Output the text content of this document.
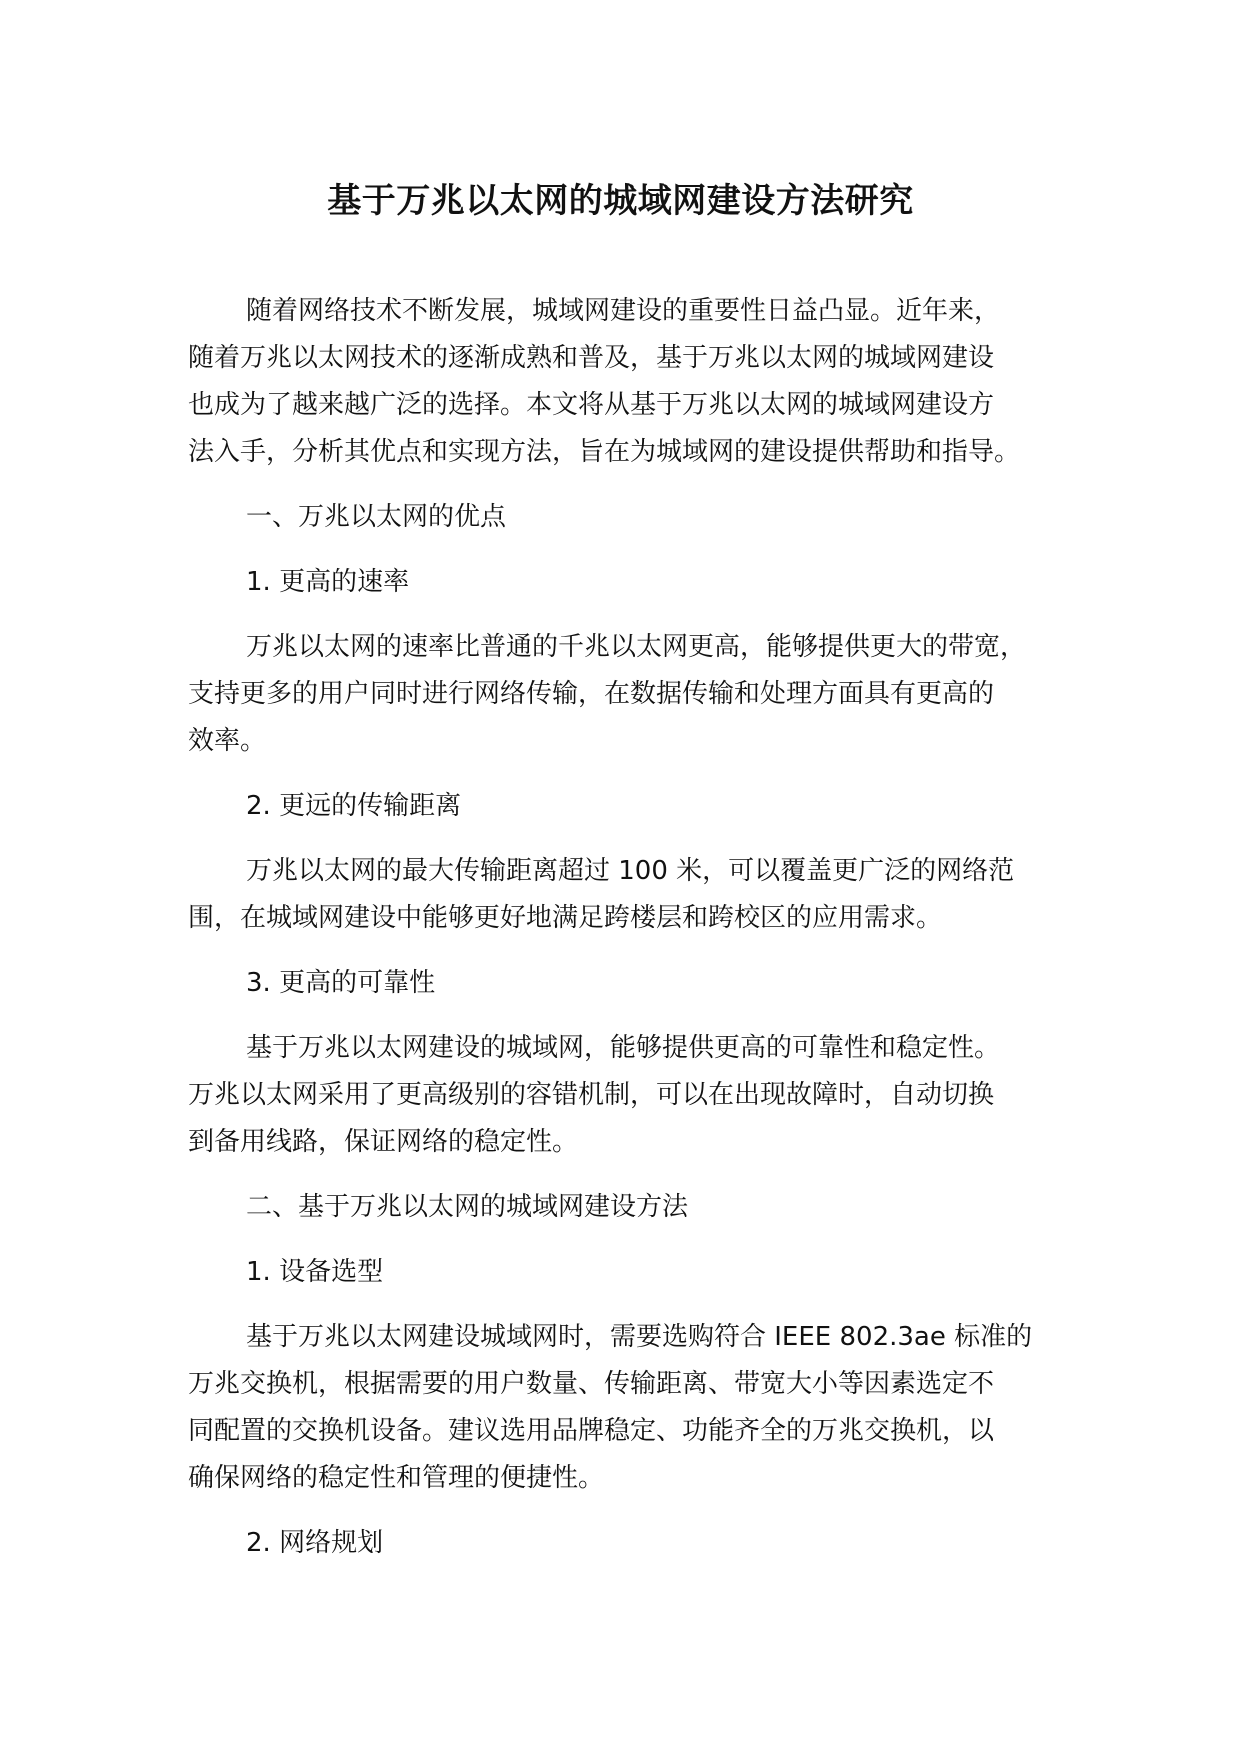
基于万兆以太网的城域网建设方法研究
随着网络技术不断发展，城域网建设的重要性日益凸显。近年来，
随着万兆以太网技术的逐渐成熟和普及，基于万兆以太网的城域网建设
也成为了越来越广泛的选择。本文将从基于万兆以太网的城域网建设方
法入手，分析其优点和实现方法，旨在为城域网的建设提供帮助和指导。
一、万兆以太网的优点
1. 更高的速率
万兆以太网的速率比普通的千兆以太网更高，能够提供更大的带宽，
支持更多的用户同时进行网络传输，在数据传输和处理方面具有更高的
效率。
2. 更远的传输距离
万兆以太网的最大传输距离超过 100 米，可以覆盖更广泛的网络范
围，在城域网建设中能够更好地满足跨楼层和跨校区的应用需求。
3. 更高的可靠性
基于万兆以太网建设的城域网，能够提供更高的可靠性和稳定性。
万兆以太网采用了更高级别的容错机制，可以在出现故障时，自动切换
到备用线路，保证网络的稳定性。
二、基于万兆以太网的城域网建设方法
1. 设备选型
基于万兆以太网建设城域网时，需要选购符合 IEEE 802.3ae 标准的
万兆交换机，根据需要的用户数量、传输距离、带宽大小等因素选定不
同配置的交换机设备。建议选用品牌稳定、功能齐全的万兆交换机，以
确保网络的稳定性和管理的便捷性。
2. 网络规划
